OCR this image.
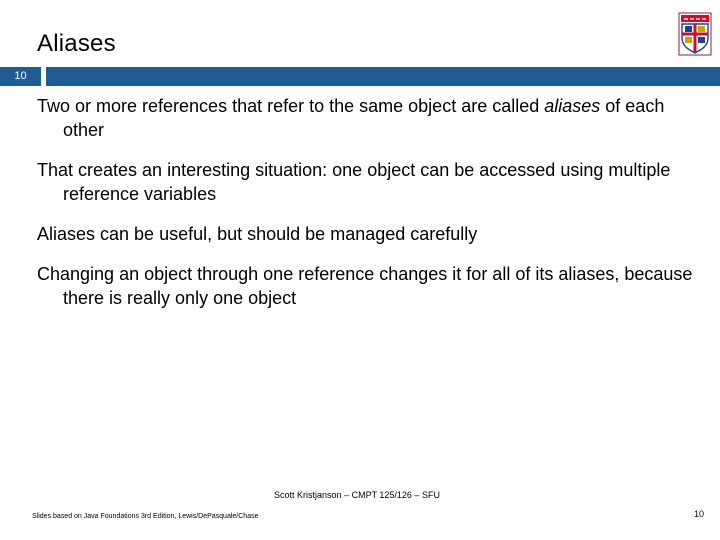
Aliases
10
Two or more references that refer to the same object are called aliases of each other
That creates an interesting situation: one object can be accessed using multiple reference variables
Aliases can be useful, but should be managed carefully
Changing an object through one reference changes it for all of its aliases, because there is really only one object
Scott Kristjanson – CMPT 125/126 – SFU
Slides based on Java Foundations 3rd Edition, Lewis/DePasquale/Chase	10
